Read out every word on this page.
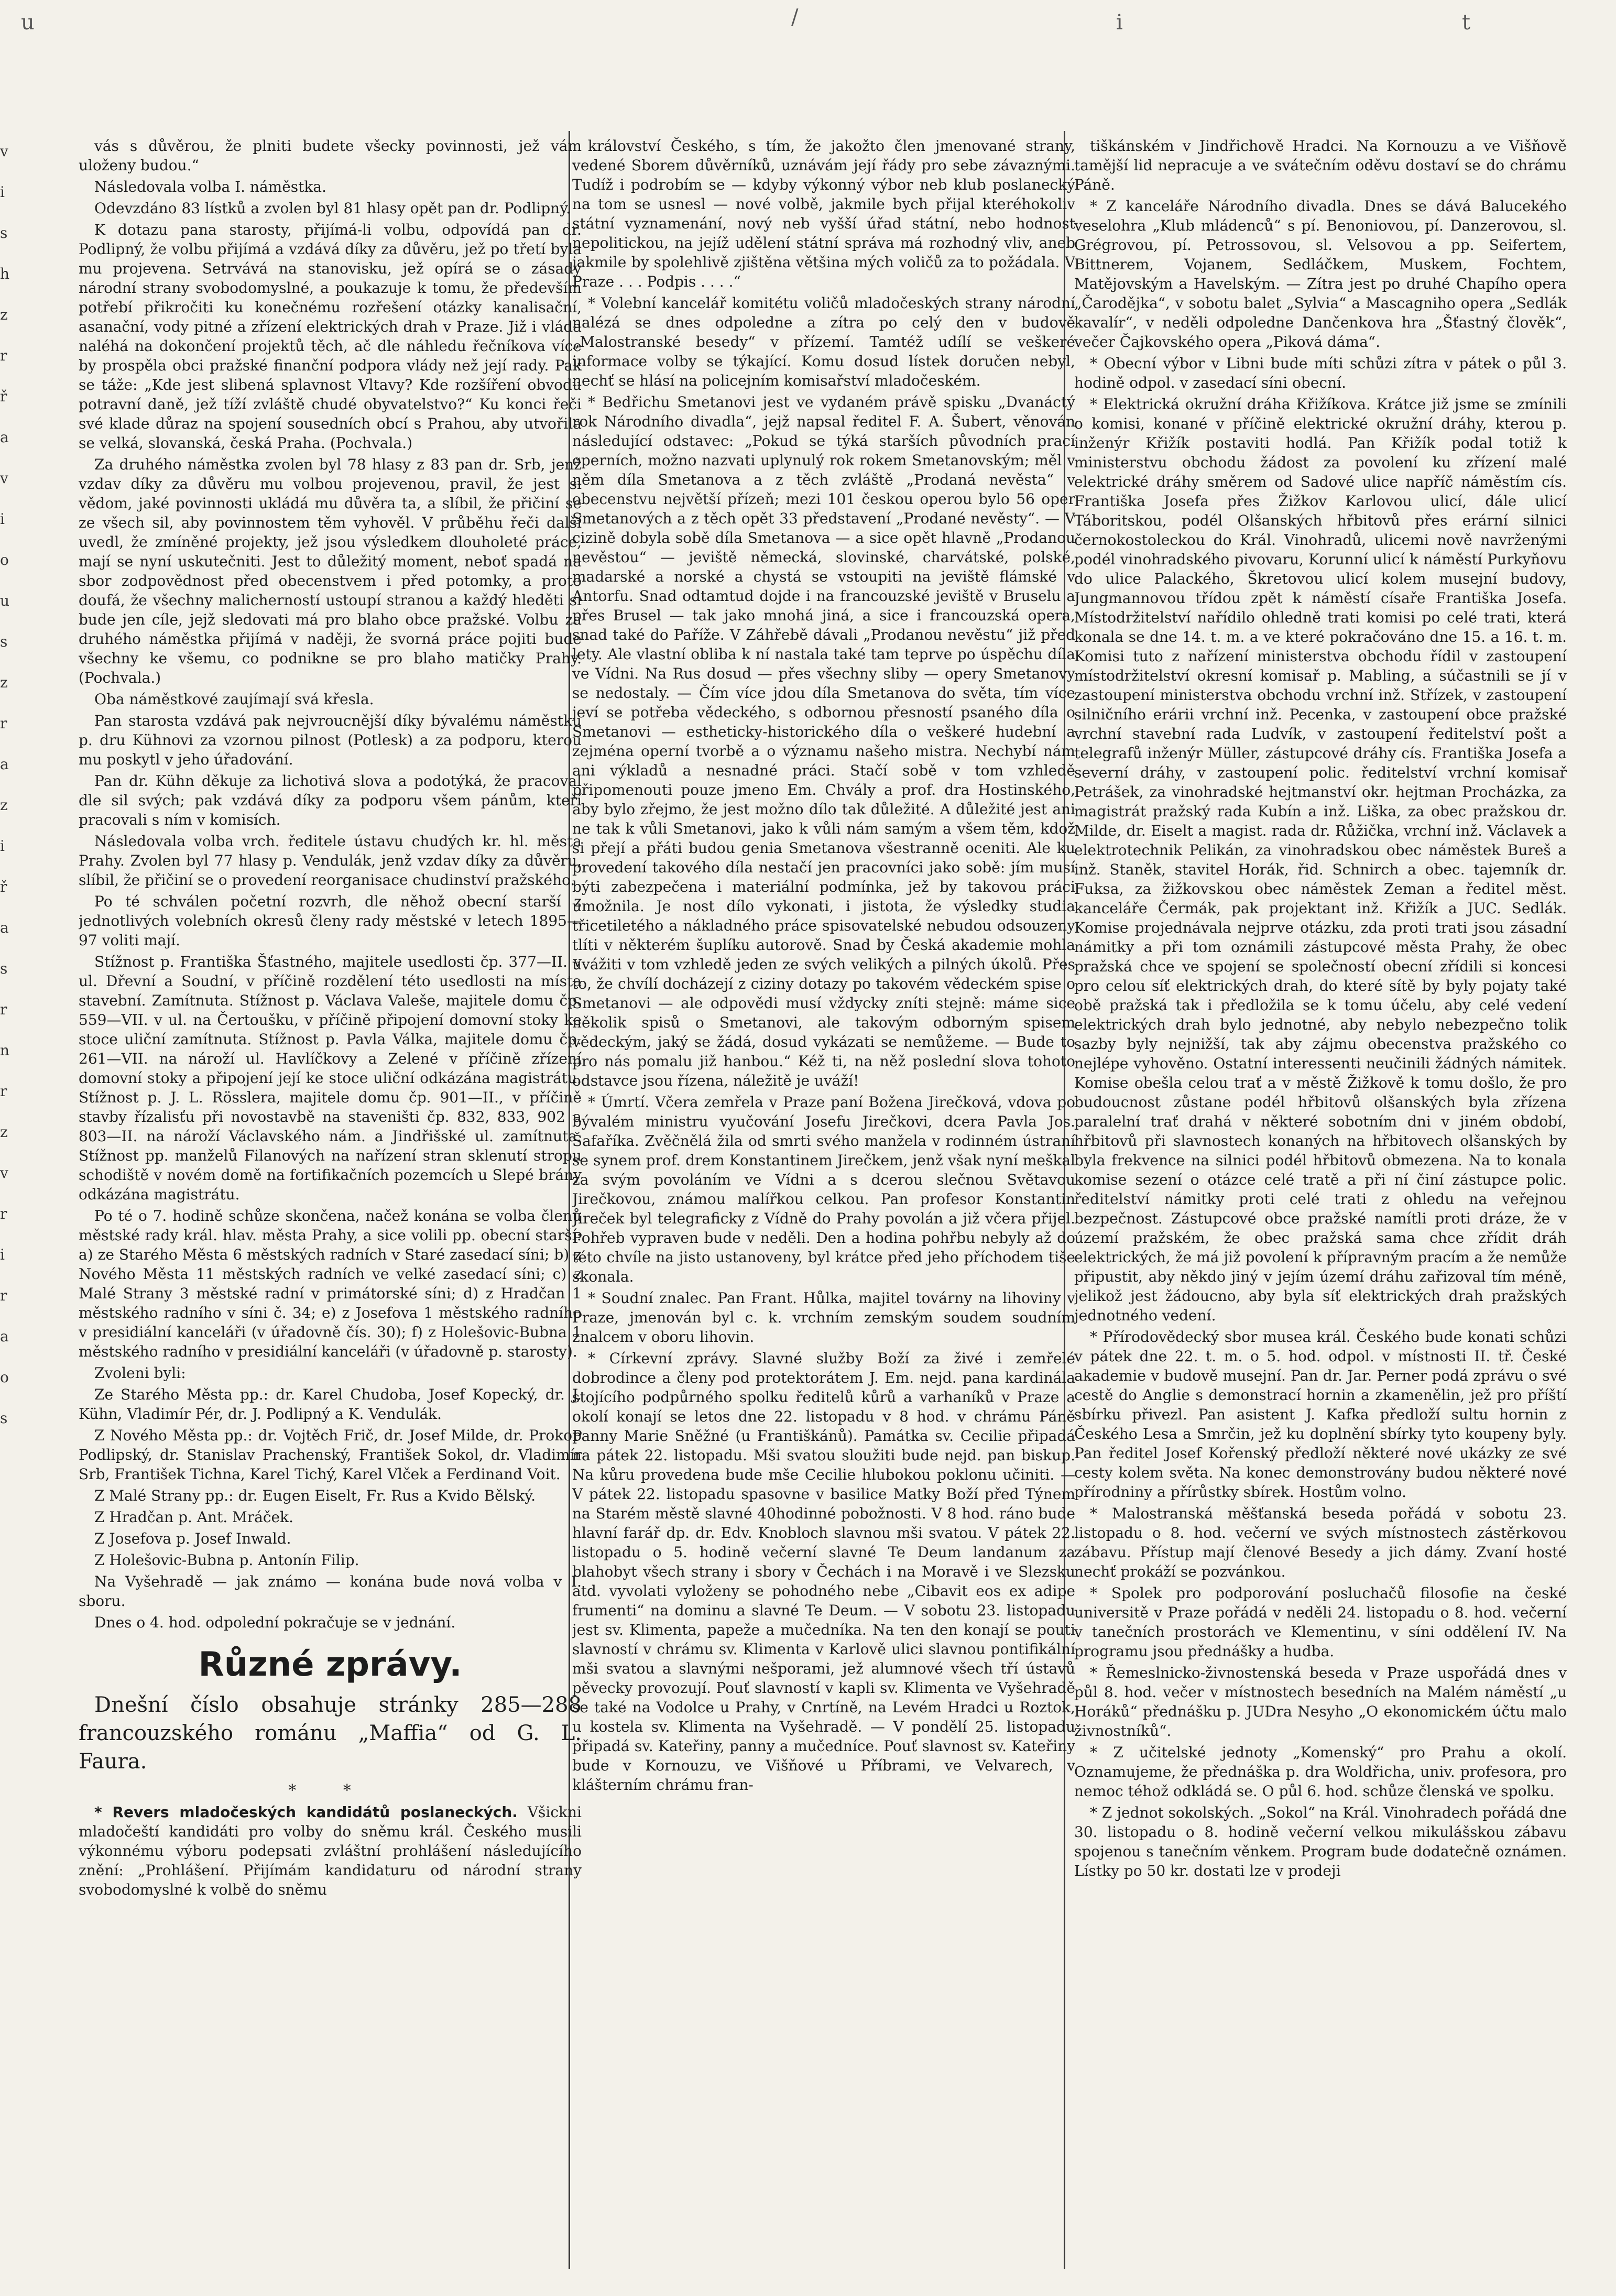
u	/	i	t
v
i
s
h
z
r
ř
a
v
i
o
u
s
z
r
a
z
i
ř
a
s
r
n
r
z
v
r
i
r
a
o
s

vás s důvěrou, že plniti budete všecky povinnosti, jež vám uloženy budou.“

Následovala volba I. náměstka.

Odevzdáno 83 lístků a zvolen byl 81 hlasy opět pan dr. Podlipný.

K dotazu pana starosty, přijímá-li volbu, odpovídá pan dr. Podlipný, že volbu přijímá a vzdává díky za důvěru, jež po třetí byla mu projevena. Setrvává na stanovisku, jež opírá se o zásady národní strany svobodomyslné, a poukazuje k tomu, že především potřebí přikročiti ku konečnému rozřešení otázky kanalisační, asanační, vody pitné a zřízení elektrických drah v Praze. Již i vláda naléhá na dokončení projektů těch, ač dle náhledu řečníkova více by prospěla obci pražské finanční podpora vlády než její rady. Pak se táže: „Kde jest slibená splavnost Vltavy? Kde rozšíření obvodu potravní daně, jež tíží zvláště chudé obyvatelstvo?“ Ku konci řeči své klade důraz na spojení sousedních obcí s Prahou, aby utvořila se velká, slovanská, česká Praha. (Pochvala.)

Za druhého náměstka zvolen byl 78 hlasy z 83 pan dr. Srb, jenž vzdav díky za důvěru mu volbou projevenou, pravil, že jest si vědom, jaké povinnosti ukládá mu důvěra ta, a slíbil, že přičiní se ze všech sil, aby povinnostem těm vyhověl. V průběhu řeči další uvedl, že zmíněné projekty, jež jsou výsledkem dlouholeté práce, mají se nyní uskutečniti. Jest to důležitý moment, neboť spadá na sbor zodpovědnost před obecenstvem i před potomky, a proto doufá, že všechny malicherností ustoupí stranou a každý hleděti si bude jen cíle, jejž sledovati má pro blaho obce pražské. Volbu za druhého náměstka přijímá v naději, že svorná práce pojiti bude všechny ke všemu, co podnikne se pro blaho matičky Prahy. (Pochvala.)

Oba náměstkové zaujímají svá křesla.

Pan starosta vzdává pak nejvroucnější díky bývalému náměstku p. dru Kühnovi za vzornou pilnost (Potlesk) a za podporu, kterou mu poskytl v jeho úřadování.

Pan dr. Kühn děkuje za lichotivá slova a podotýká, že pracoval dle sil svých; pak vzdává díky za podporu všem pánům, kteří pracovali s ním v komisích.

Následovala volba vrch. ředitele ústavu chudých kr. hl. města Prahy. Zvolen byl 77 hlasy p. Vendulák, jenž vzdav díky za důvěru, slíbil, že přičiní se o provedení reorganisace chudinství pražského.

Po té schválen početní rozvrh, dle něhož obecní starší z jednotlivých volebních okresů členy rady městské v letech 1895—97 voliti mají.

Stížnost p. Františka Šťastného, majitele usedlosti čp. 377—II. v ul. Dřevní a Soudní, v příčině rozdělení této usedlosti na místa stavební. Zamítnuta. Stížnost p. Václava Valeše, majitele domu čp. 559—VII. v ul. na Čertoušku, v příčině připojení domovní stoky ke stoce uliční zamítnuta. Stížnost p. Pavla Válka, majitele domu čp. 261—VII. na nároží ul. Havlíčkovy a Zelené v příčině zřízení domovní stoky a připojení její ke stoce uliční odkázána magistrátu. Stížnost p. J. L. Rösslera, majitele domu čp. 901—II., v příčině stavby řízalisťu při novostavbě na staveništi čp. 832, 833, 902 a 803—II. na nároží Václavského nám. a Jindřišské ul. zamítnuta. Stížnost pp. manželů Filanových na nařízení stran sklenutí stropu schodiště v novém domě na fortifikačních pozemcích u Slepé brány odkázána magistrátu.

Po té o 7. hodině schůze skončena, načež konána se volba členů městské rady král. hlav. města Prahy, a sice volili pp. obecní starší: a) ze Starého Města 6 městských radních v Staré zasedací síni; b) z Nového Města 11 městských radních ve velké zasedací síni; c) z Malé Strany 3 městské radní v primátorské síni; d) z Hradčan 1 městského radního v síni č. 34; e) z Josefova 1 městského radního v presidiální kanceláři (v úřadovně čís. 30); f) z Holešovic-Bubna 1 městského radního v presidiální kanceláři (v úřadovně p. starosty).

Zvoleni byli:

Ze Starého Města pp.: dr. Karel Chudoba, Josef Kopecký, dr. J. Kühn, Vladimír Pér, dr. J. Podlipný a K. Vendulák.

Z Nového Města pp.: dr. Vojtěch Frič, dr. Josef Milde, dr. Prokop Podlipský, dr. Stanislav Prachenský, František Sokol, dr. Vladimír Srb, František Tichna, Karel Tichý, Karel Vlček a Ferdinand Voit.

Z Malé Strany pp.: dr. Eugen Eiselt, Fr. Rus a Kvido Bělský.

Z Hradčan p. Ant. Mráček.

Z Josefova p. Josef Inwald.

Z Holešovic-Bubna p. Antonín Filip.

Na Vyšehradě — jak známo — konána bude nová volba v I. sboru.

Dnes o 4. hod. odpolední pokračuje se v jednání.

Různé zprávy.

Dnešní číslo obsahuje stránky 285—288 francouzského románu „Maffia“ od G. L. Faura.

* *

* Revers mladočeských kandidátů poslaneckých. Všickni mladočeští kandidáti pro volby do sněmu král. Českého musili výkonnému výboru podepsati zvláštní prohlášení následujícího znění: „Prohlášení. Přijímám kandidaturu od národní strany svobodomyslné k volbě do sněmu

království Českého, s tím, že jakožto člen jmenované strany, vedené Sborem důvěrníků, uznávám její řády pro sebe závaznými. Tudíž i podrobím se — kdyby výkonný výbor neb klub poslanecký na tom se usnesl — nové volbě, jakmile bych přijal kteréhokoliv státní vyznamenání, nový neb vyšší úřad státní, nebo hodnost nepolitickou, na jejíž udělení státní správa má rozhodný vliv, aneb jakmile by spolehlivě zjištěna většina mých voličů za to požádala. V Praze . . . Podpis . . . .“

* Volební kancelář komitétu voličů mladočeských strany národní nalézá se dnes odpoledne a zítra po celý den v budově „Malostranské besedy“ v přízemí. Tamtéž udílí se veškeré informace volby se týkající. Komu dosud lístek doručen nebyl, nechť se hlásí na policejním komisařství mladočeském.

* Bedřichu Smetanovi jest ve vydaném právě spisku „Dvanáctý rok Národního divadla“, jejž napsal ředitel F. A. Šubert, věnován následující odstavec: „Pokud se týká starších původních prací operních, možno nazvati uplynulý rok rokem Smetanovským; měl v něm díla Smetanova a z těch zvláště „Prodaná nevěsta“ v obecenstvu největší přízeň; mezi 101 českou operou bylo 56 oper Smetanových a z těch opět 33 představení „Prodané nevěsty“. — V cizině dobyla sobě díla Smetanova — a sice opět hlavně „Prodanou nevěstou“ — jeviště německá, slovinské, charvátské, polské, madarské a norské a chystá se vstoupiti na jeviště flámské v Antorfu. Snad odtamtud dojde i na francouzské jeviště v Bruselu a přes Brusel — tak jako mnohá jiná, a sice i francouzská opera, snad také do Paříže. V Záhřebě dávali „Prodanou nevěstu“ již před lety. Ale vlastní obliba k ní nastala také tam teprve po úspěchu díla ve Vídni. Na Rus dosud — přes všechny sliby — opery Smetanovy se nedostaly. — Čím více jdou díla Smetanova do světa, tím více jeví se potřeba vědeckého, s odbornou přesností psaného díla o Smetanovi — estheticky-historického díla o veškeré hudební a zejména operní tvorbě a o významu našeho mistra. Nechybí nám ani výkladů a nesnadné práci. Stačí sobě v tom vzhledě připomenouti pouze jmeno Em. Chvály a prof. dra Hostinského, aby bylo zřejmo, že jest možno dílo tak důležité. A důležité jest ani ne tak k vůli Smetanovi, jako k vůli nám samým a všem těm, kdož si přejí a přáti budou genia Smetanova všestranně oceniti. Ale ku provedení takového díla nestačí jen pracovníci jako sobě: jím musí býti zabezpečena i materiální podmínka, jež by takovou práci umožnila. Je nost dílo vykonati, i jistota, že výsledky studia třicetiletého a nákladného práce spisovatelské nebudou odsouzeny tlíti v některém šuplíku autorově. Snad by Česká akademie mohla uvážiti v tom vzhledě jeden ze svých velikých a pilných úkolů. Přes to, že chvílí docházejí z ciziny dotazy po takovém vědeckém spise o Smetanovi — ale odpovědi musí vždycky zníti stejně: máme sice několik spisů o Smetanovi, ale takovým odborným spisem vědeckým, jaký se žádá, dosud vykázati se nemůžeme. — Bude to pro nás pomalu již hanbou.“ Kéž ti, na něž poslední slova tohoto odstavce jsou řízena, náležitě je uváží!

* Úmrtí. Včera zemřela v Praze paní Božena Jirečková, vdova po bývalém ministru vyučování Josefu Jirečkovi, dcera Pavla Jos. Šafaříka. Zvěčnělá žila od smrti svého manžela v rodinném ústraní se synem prof. drem Konstantinem Jirečkem, jenž však nyní meškal za svým povoláním ve Vídni a s dcerou slečnou Světavou Jirečkovou, známou malířkou celkou. Pan profesor Konstantin Jireček byl telegraficky z Vídně do Prahy povolán a již včera přijel. Pohřeb vypraven bude v neděli. Den a hodina pohřbu nebyly až do této chvíle na jisto ustanoveny, byl krátce před jeho příchodem tiše skonala.

* Soudní znalec. Pan Frant. Hůlka, majitel továrny na lihoviny v Praze, jmenován byl c. k. vrchním zemským soudem soudním znalcem v oboru lihovin.

* Církevní zprávy. Slavné služby Boží za živé i zemřelé dobrodince a členy pod protektorátem J. Em. nejd. pana kardinála stojícího podpůrného spolku ředitelů kůrů a varhaníků v Praze a okolí konají se letos dne 22. listopadu v 8 hod. v chrámu Páně Panny Marie Sněžné (u Františkánů). Památka sv. Cecilie připadá na pátek 22. listopadu. Mši svatou sloužiti bude nejd. pan biskup. Na kůru provedena bude mše Cecilie hlubokou poklonu učiniti. — V pátek 22. listopadu spasovne v basilice Matky Boží před Týnem na Starém městě slavné 40hodinné pobožnosti. V 8 hod. ráno bude hlavní farář dp. dr. Edv. Knobloch slavnou mši svatou. V pátek 22. listopadu o 5. hodině večerní slavné Te Deum landanum za blahobyt všech strany i sbory v Čechách i na Moravě i ve Slezsku atd. vyvolati vyloženy se pohodného nebe „Cibavit eos ex adipe frumenti“ na dominu a slavné Te Deum. — V sobotu 23. listopadu jest sv. Klimenta, papeže a mučedníka. Na ten den konají se pouti slavností v chrámu sv. Klimenta v Karlově ulici slavnou pontifikální mši svatou a slavnými nešporami, jež alumnové všech tří ústavů pěvecky provozují. Pouť slavností v kapli sv. Klimenta ve Vyšehradě se také na Vodolce u Prahy, v Cnrtíně, na Levém Hradci u Roztok, u kostela sv. Klimenta na Vyšehradě. — V pondělí 25. listopadu připadá sv. Kateřiny, panny a mučedníce. Pouť slavnost sv. Kateřiny bude v Kornouzu, ve Višňové u Příbrami, ve Velvarech, v klášterním chrámu fran-

tiškánském v Jindřichově Hradci. Na Kornouzu a ve Višňově tamější lid nepracuje a ve svátečním oděvu dostaví se do chrámu Páně.

* Z kanceláře Národního divadla. Dnes se dává Balucekého veselohra „Klub mládenců“ s pí. Benoniovou, pí. Danzerovou, sl. Grégrovou, pí. Petrossovou, sl. Velsovou a pp. Seifertem, Bittnerem, Vojanem, Sedláčkem, Muskem, Fochtem, Matějovským a Havelským. — Zítra jest po druhé Chapího opera „Čarodějka“, v sobotu balet „Sylvia“ a Mascagniho opera „Sedlák kavalír“, v neděli odpoledne Dančenkova hra „Šťastný člověk“, večer Čajkovského opera „Piková dáma“.

* Obecní výbor v Libni bude míti schůzi zítra v pátek o půl 3. hodině odpol. v zasedací síni obecní.

* Elektrická okružní dráha Křižíkova. Krátce již jsme se zmínili o komisi, konané v příčině elektrické okružní dráhy, kterou p. inženýr Křižík postaviti hodlá. Pan Křižík podal totiž k ministerstvu obchodu žádost za povolení ku zřízení malé elektrické dráhy směrem od Sadové ulice napříč náměstím cís. Františka Josefa přes Žižkov Karlovou ulicí, dále ulicí Táboritskou, podél Olšanských hřbitovů přes erární silnici černokostoleckou do Král. Vinohradů, ulicemi nově navrženými podél vinohradského pivovaru, Korunní ulicí k náměstí Purkyňovu do ulice Palackého, Škretovou ulicí kolem musejní budovy, Jungmannovou třídou zpět k náměstí císaře Františka Josefa. Místodržitelství nařídilo ohledně trati komisi po celé trati, která konala se dne 14. t. m. a ve které pokračováno dne 15. a 16. t. m. Komisi tuto z nařízení ministerstva obchodu řídil v zastoupení místodržitelství okresní komisař p. Mabling, a súčastnili se jí v zastoupení ministerstva obchodu vrchní inž. Střízek, v zastoupení silničního erárii vrchní inž. Pecenka, v zastoupení obce pražské vrchní stavební rada Ludvík, v zastoupení ředitelství pošt a telegrafů inženýr Müller, zástupcové dráhy cís. Františka Josefa a severní dráhy, v zastoupení polic. ředitelství vrchní komisař Petrášek, za vinohradské hejtmanství okr. hejtman Procházka, za magistrát pražský rada Kubín a inž. Liška, za obec pražskou dr. Milde, dr. Eiselt a magist. rada dr. Růžička, vrchní inž. Václavek a elektrotechnik Pelikán, za vinohradskou obec náměstek Bureš a inž. Staněk, stavitel Horák, řid. Schnirch a obec. tajemník dr. Fuksa, za žižkovskou obec náměstek Zeman a ředitel měst. kanceláře Čermák, pak projektant inž. Křižík a JUC. Sedlák. Komise projednávala nejprve otázku, zda proti trati jsou zásadní námitky a při tom oznámili zástupcové města Prahy, že obec pražská chce ve spojení se společností obecní zřídili si koncesi pro celou síť elektrických drah, do které sítě by byly pojaty také obě pražská tak i předložila se k tomu účelu, aby celé vedení elektrických drah bylo jednotné, aby nebylo nebezpečno tolik sazby byly nejnižší, tak aby zájmu obecenstva pražského co nejlépe vyhověno. Ostatní interessenti neučinili žádných námitek. Komise obešla celou trať a v městě Žižkově k tomu došlo, že pro budoucnost zůstane podél hřbitovů olšanských byla zřízena paralelní trať drahá v některé sobotním dni v jiném období, hřbitovů při slavnostech konaných na hřbitovech olšanských by byla frekvence na silnici podél hřbitovů obmezena. Na to konala komise sezení o otázce celé tratě a při ní činí zástupce polic. ředitelství námitky proti celé trati z ohledu na veřejnou bezpečnost. Zástupcové obce pražské namítli proti dráze, že v území pražském, že obec pražská sama chce zřídit dráh elektrických, že má již povolení k přípravným pracím a že nemůže připustit, aby někdo jiný v jejím území dráhu zařizoval tím méně, jelikož jest žádoucno, aby byla síť elektrických drah pražských jednotného vedení.

* Přírodovědecký sbor musea král. Českého bude konati schůzi v pátek dne 22. t. m. o 5. hod. odpol. v místnosti II. tř. České akademie v budově musejní. Pan dr. Jar. Perner podá zprávu o své cestě do Anglie s demonstrací hornin a zkamenělin, jež pro příští sbírku přivezl. Pan asistent J. Kafka předloží sultu hornin z Českého Lesa a Smrčin, jež ku doplnění sbírky tyto koupeny byly. Pan ředitel Josef Kořenský předloží některé nové ukázky ze své cesty kolem světa. Na konec demonstrovány budou některé nové přírodniny a přírůstky sbírek. Hostům volno.

* Malostranská měšťanská beseda pořádá v sobotu 23. listopadu o 8. hod. večerní ve svých místnostech zástěrkovou zábavu. Přístup mají členové Besedy a jich dámy. Zvaní hosté nechť prokáží se pozvánkou.

* Spolek pro podporování posluchačů filosofie na české universitě v Praze pořádá v neděli 24. listopadu o 8. hod. večerní v tanečních prostorách ve Klementinu, v síni oddělení IV. Na programu jsou přednášky a hudba.

* Řemeslnicko-živnostenská beseda v Praze uspořádá dnes v půl 8. hod. večer v místnostech besedních na Malém náměstí „u Horáků“ přednášku p. JUDra Nesyho „O ekonomickém účtu malo živnostníků“.

* Z učitelské jednoty „Komenský“ pro Prahu a okolí. Oznamujeme, že přednáška p. dra Woldřicha, univ. profesora, pro nemoc téhož odkládá se. O půl 6. hod. schůze členská ve spolku.

* Z jednot sokolských. „Sokol“ na Král. Vinohradech pořádá dne 30. listopadu o 8. hodině večerní velkou mikulášskou zábavu spojenou s tanečním věnkem. Program bude dodatečně oznámen. Lístky po 50 kr. dostati lze v prodeji
